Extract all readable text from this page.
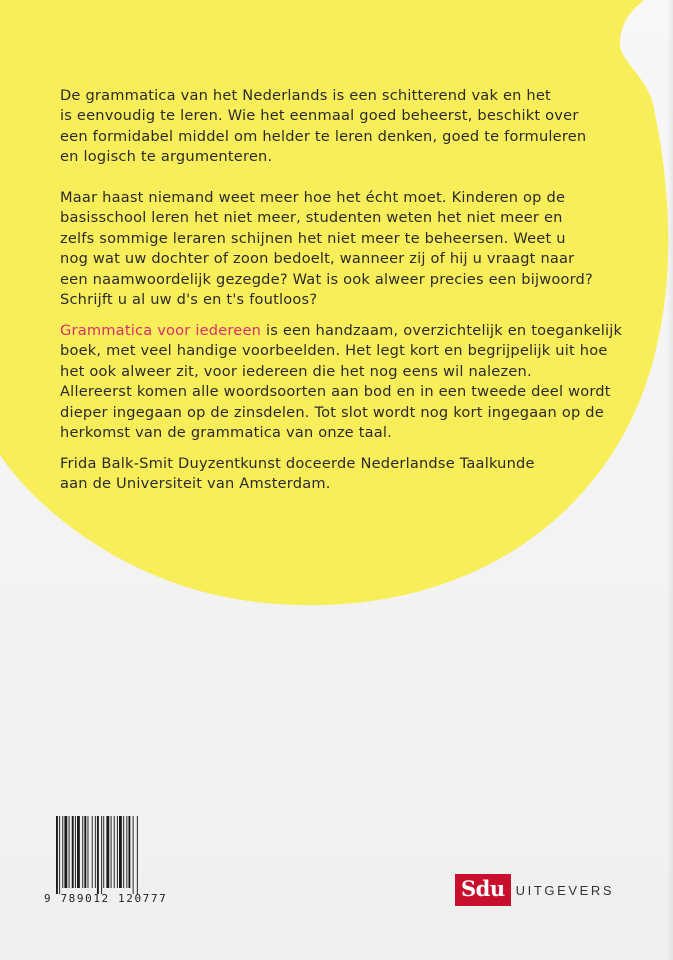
De grammatica van het Nederlands is een schitterend vak en het
is eenvoudig te leren. Wie het eenmaal goed beheerst, beschikt over
een formidabel middel om helder te leren denken, goed te formuleren
en logisch te argumenteren.
Maar haast niemand weet meer hoe het écht moet. Kinderen op de
basisschool leren het niet meer, studenten weten het niet meer en
zelfs sommige leraren schijnen het niet meer te beheersen. Weet u
nog wat uw dochter of zoon bedoelt, wanneer zij of hij u vraagt naar
een naamwoordelijk gezegde? Wat is ook alweer precies een bijwoord?
Schrijft u al uw d's en t's foutloos?
Grammatica voor iedereen is een handzaam, overzichtelijk en toegankelijk
boek, met veel handige voorbeelden. Het legt kort en begrijpelijk uit hoe
het ook alweer zit, voor iedereen die het nog eens wil nalezen.
Allereerst komen alle woordsoorten aan bod en in een tweede deel wordt
dieper ingegaan op de zinsdelen. Tot slot wordt nog kort ingegaan op de
herkomst van de grammatica van onze taal.
Frida Balk-Smit Duyzentkunst doceerde Nederlandse Taalkunde
aan de Universiteit van Amsterdam.
9 789012 120777	Sdu UITGEVERS
